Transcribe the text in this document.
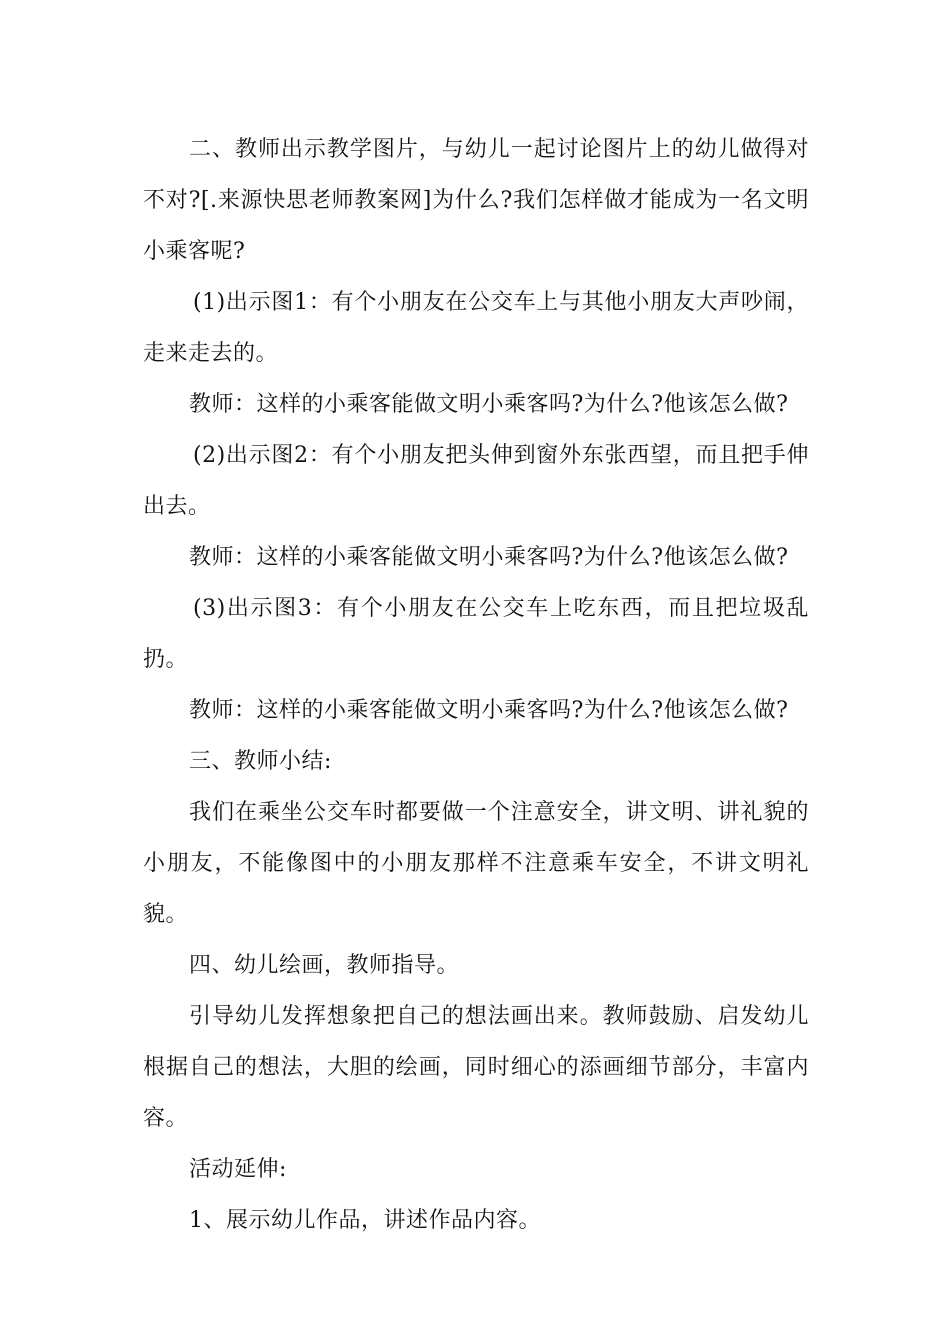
二、教师出示教学图片，与幼儿一起讨论图片上的幼儿做得对不对?[.来源快思老师教案网]为什么?我们怎样做才能成为一名文明小乘客呢?

(1)出示图1：有个小朋友在公交车上与其他小朋友大声吵闹，走来走去的。

教师：这样的小乘客能做文明小乘客吗?为什么?他该怎么做?

(2)出示图2：有个小朋友把头伸到窗外东张西望，而且把手伸出去。

教师：这样的小乘客能做文明小乘客吗?为什么?他该怎么做?

(3)出示图3：有个小朋友在公交车上吃东西，而且把垃圾乱扔。

教师：这样的小乘客能做文明小乘客吗?为什么?他该怎么做?

三、教师小结:

我们在乘坐公交车时都要做一个注意安全，讲文明、讲礼貌的小朋友，不能像图中的小朋友那样不注意乘车安全，不讲文明礼貌。

四、幼儿绘画，教师指导。

引导幼儿发挥想象把自己的想法画出来。教师鼓励、启发幼儿根据自己的想法，大胆的绘画，同时细心的添画细节部分，丰富内容。

活动延伸:

1、展示幼儿作品，讲述作品内容。
